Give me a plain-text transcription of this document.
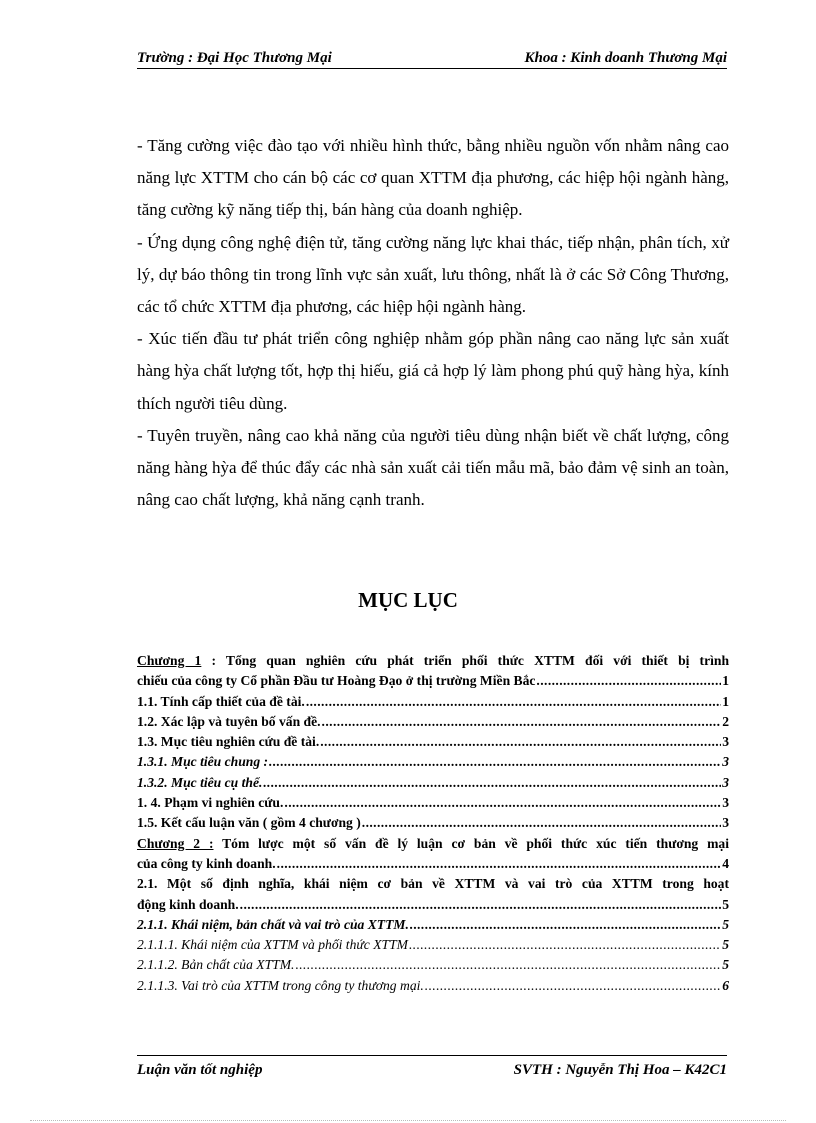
Trường : Đại Học Thương Mại	Khoa : Kinh doanh Thương Mại

- Tăng cường việc đào tạo với nhiều hình thức, bằng nhiều nguồn vốn nhằm nâng cao năng lực XTTM cho cán bộ các cơ quan XTTM địa phương, các hiệp hội ngành hàng, tăng cường kỹ năng tiếp thị, bán hàng của doanh nghiệp.

- Ứng dụng công nghệ điện tử, tăng cường năng lực khai thác, tiếp nhận, phân tích, xử lý, dự báo thông tin trong lĩnh vực sản xuất, lưu thông, nhất là ở các Sở Công Thương, các tổ chức XTTM địa phương, các hiệp hội ngành hàng.

- Xúc tiến đầu tư phát triển công nghiệp nhằm góp phần nâng cao năng lực sản xuất hàng hỳa chất lượng tốt, hợp thị hiếu, giá cả hợp lý làm phong phú quỹ hàng hỳa, kính thích người tiêu dùng.

- Tuyên truyền, nâng cao khả năng của người tiêu dùng nhận biết về chất lượng, công năng hàng hỳa để thúc đẩy các nhà sản xuất cải tiến mẫu mã, bảo đảm vệ sinh an toàn, nâng cao chất lượng, khả năng cạnh tranh.

MỤC LỤC
Chương 1 : Tổng quan nghiên cứu phát triển phối thức XTTM đối với thiết bị trình
chiếu của công ty Cổ phần Đầu tư Hoàng Đạo ở thị trường Miền Bắc .....	1
1.1. Tính cấp thiết của đề tài. .....	1
1.2. Xác lập và tuyên bố vấn đề. .....	2
1.3. Mục tiêu nghiên cứu đề tài. .....	3
1.3.1. Mục tiêu chung : .....	3
1.3.2. Mục tiêu cụ thể. .....	3
1. 4. Phạm vi nghiên cứu. .....	3
1.5. Kết cấu luận văn ( gồm 4 chương ) .....	3
Chương 2 : Tóm lược một số vấn đề lý luận cơ bản về phối thức xúc tiến thương mại
của công ty kinh doanh. .....	4
2.1. Một số định nghĩa, khái niệm cơ bản về XTTM và vai trò của XTTM trong hoạt
động kinh doanh. .....	5
2.1.1. Khái niệm, bản chất và vai trò của XTTM. .....	5
2.1.1.1. Khái niệm của XTTM và phối thức XTTM .....	5
2.1.1.2. Bản chất của XTTM. .....	5
2.1.1.3. Vai trò của XTTM trong công ty thương mại. .....	6
Luận văn tốt nghiệp	SVTH : Nguyễn Thị Hoa – K42C1
